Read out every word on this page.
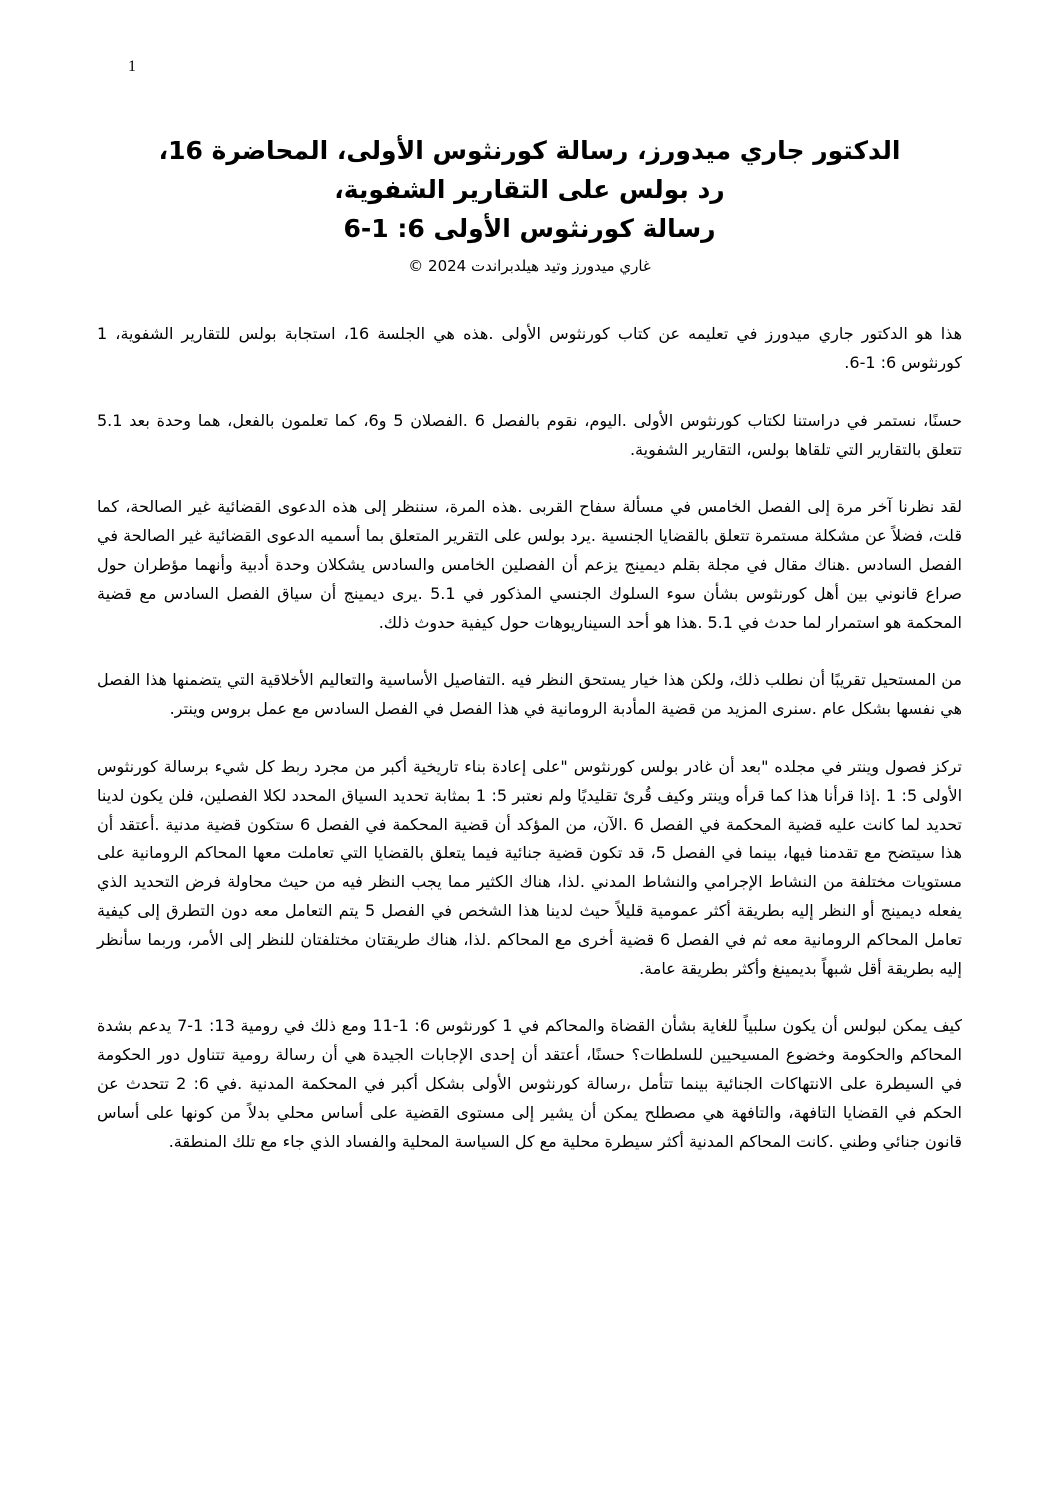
1
الدكتور جاري ميدورز، رسالة كورنثوس الأولى، المحاضرة 16،
رد بولس على التقارير الشفوية،
رسالة كورنثوس الأولى 6: 1-6
غاري ميدورز وتيد هيلدبراندت 2024 ©

هذا هو الدكتور جاري ميدورز في تعليمه عن كتاب كورنثوس الأولى .هذه هي الجلسة 16، استجابة بولس للتقارير الشفوية، 1 كورنثوس 6: 1-6.

حسنًا، نستمر في دراستنا لكتاب كورنثوس الأولى .اليوم، نقوم بالفصل 6 .الفصلان 5 و6، كما تعلمون بالفعل، هما وحدة بعد 5.1 تتعلق بالتقارير التي تلقاها بولس، التقارير الشفوية.

لقد نظرنا آخر مرة إلى الفصل الخامس في مسألة سفاح القربى .هذه المرة، سننظر إلى هذه الدعوى القضائية غير الصالحة، كما قلت، فضلاً عن مشكلة مستمرة تتعلق بالقضايا الجنسية .يرد بولس على التقرير المتعلق بما أسميه الدعوى القضائية غير الصالحة في الفصل السادس .هناك مقال في مجلة بقلم ديمينج يزعم أن الفصلين الخامس والسادس يشكلان وحدة أدبية وأنهما مؤطران حول صراع قانوني بين أهل كورنثوس بشأن سوء السلوك الجنسي المذكور في 5.1 .يرى ديمينج أن سياق الفصل السادس مع قضية المحكمة هو استمرار لما حدث في 5.1 .هذا هو أحد السيناريوهات حول كيفية حدوث ذلك.

من المستحيل تقريبًا أن نطلب ذلك، ولكن هذا خيار يستحق النظر فيه .التفاصيل الأساسية والتعاليم الأخلاقية التي يتضمنها هذا الفصل هي نفسها بشكل عام .سنرى المزيد من قضية المأدبة الرومانية في هذا الفصل في الفصل السادس مع عمل بروس وينتر.

تركز فصول وينتر في مجلده "بعد أن غادر بولس كورنثوس "على إعادة بناء تاريخية أكبر من مجرد ربط كل شيء برسالة كورنثوس الأولى 5: 1 .إذا قرأنا هذا كما قرأه وينتر وكيف قُرئ تقليديًا ولم نعتبر 5: 1 بمثابة تحديد السياق المحدد لكلا الفصلين، فلن يكون لدينا تحديد لما كانت عليه قضية المحكمة في الفصل 6 .الآن، من المؤكد أن قضية المحكمة في الفصل 6 ستكون قضية مدنية .أعتقد أن هذا سيتضح مع تقدمنا فيها، بينما في الفصل 5، قد تكون قضية جنائية فيما يتعلق بالقضايا التي تعاملت معها المحاكم الرومانية على مستويات مختلفة من النشاط الإجرامي والنشاط المدني .لذا، هناك الكثير مما يجب النظر فيه من حيث محاولة فرض التحديد الذي يفعله ديمينج أو النظر إليه بطريقة أكثر عمومية قليلاً حيث لدينا هذا الشخص في الفصل 5 يتم التعامل معه دون التطرق إلى كيفية تعامل المحاكم الرومانية معه ثم في الفصل 6 قضية أخرى مع المحاكم .لذا، هناك طريقتان مختلفتان للنظر إلى الأمر، وربما سأنظر إليه بطريقة أقل شبهاً بديمينغ وأكثر بطريقة عامة.

كيف يمكن لبولس أن يكون سلبياً للغاية بشأن القضاة والمحاكم في 1 كورنثوس 6: 1-11 ومع ذلك في رومية 13: 1-7 يدعم بشدة المحاكم والحكومة وخضوع المسيحيين للسلطات؟ حسنًا، أعتقد أن إحدى الإجابات الجيدة هي أن رسالة رومية تتناول دور الحكومة في السيطرة على الانتهاكات الجنائية بينما تتأمل ،رسالة كورنثوس الأولى بشكل أكبر في المحكمة المدنية .في 6: 2 تتحدث عن الحكم في القضايا التافهة، والتافهة هي مصطلح يمكن أن يشير إلى مستوى القضية على أساس محلي بدلاً من كونها على أساس قانون جنائي وطني .كانت المحاكم المدنية أكثر سيطرة محلية مع كل السياسة المحلية والفساد الذي جاء مع تلك المنطقة.
